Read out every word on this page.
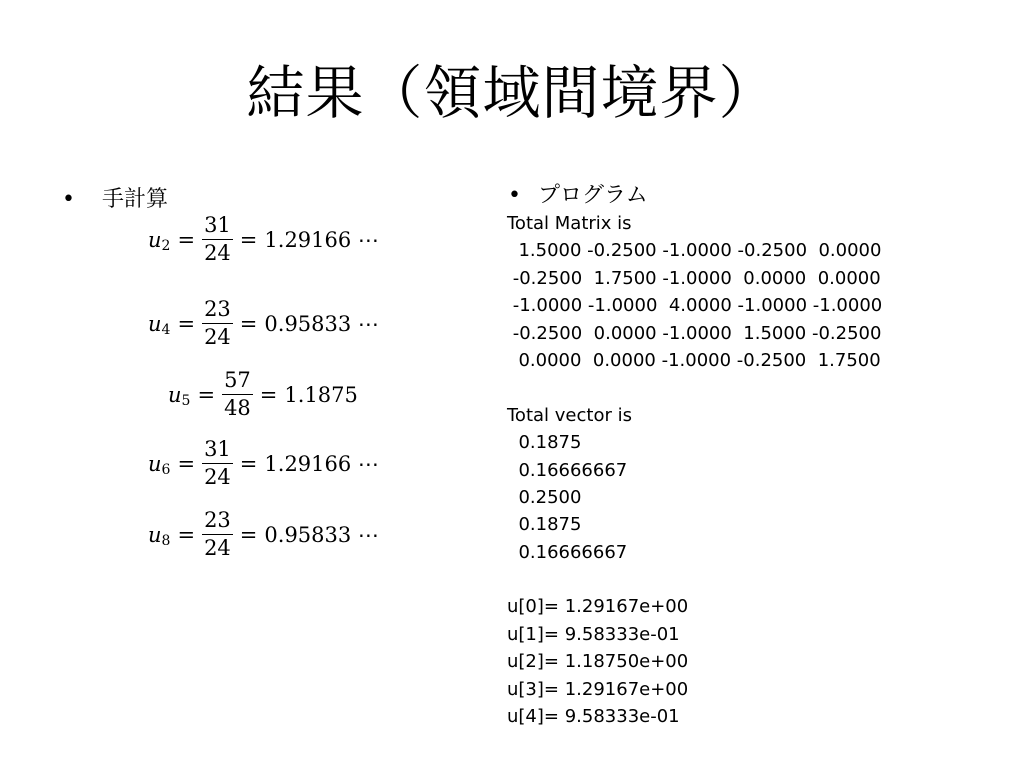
結果（領域間境界）
•	手計算
u $2 = \frac{31}{24} = 1.29166$ ⋯
u $4 = \frac{23}{24} = 0.95833$ ⋯
u $5 = \frac{57}{48} = 1.1875$
u $6 = \frac{31}{24} = 1.29166$ ⋯
u $8 = \frac{23}{24} = 0.95833$ ⋯
• プログラム
Total Matrix is
1.5000 -0.2500 -1.0000 -0.2500  0.0000
-0.2500  1.7500 -1.0000  0.0000  0.0000
-1.0000 -1.0000  4.0000 -1.0000 -1.0000
-0.2500  0.0000 -1.0000  1.5000 -0.2500
0.0000  0.0000 -1.0000 -0.2500  1.7500
Total vector is
0.1875
0.16666667
0.2500
0.1875
0.16666667
u[0]= 1.29167e+00
u[1]= 9.58333e-01
u[2]= 1.18750e+00
u[3]= 1.29167e+00
u[4]= 9.58333e-01
